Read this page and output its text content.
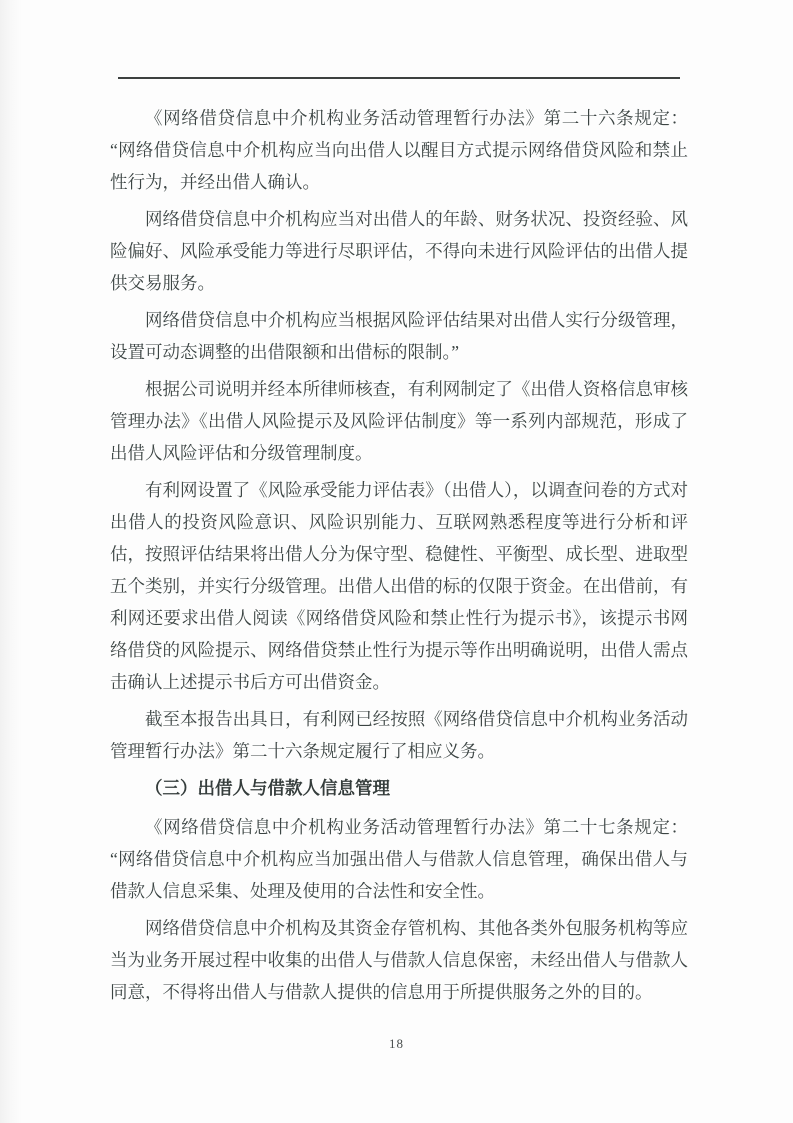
《网络借贷信息中介机构业务活动管理暂行办法》第二十六条规定：“网络借贷信息中介机构应当向出借人以醒目方式提示网络借贷风险和禁止性行为，并经出借人确认。

网络借贷信息中介机构应当对出借人的年龄、财务状况、投资经验、风险偏好、风险承受能力等进行尽职评估，不得向未进行风险评估的出借人提供交易服务。

网络借贷信息中介机构应当根据风险评估结果对出借人实行分级管理，设置可动态调整的出借限额和出借标的限制。”

根据公司说明并经本所律师核查，有利网制定了《出借人资格信息审核管理办法》《出借人风险提示及风险评估制度》等一系列内部规范，形成了出借人风险评估和分级管理制度。

有利网设置了《风险承受能力评估表》（出借人），以调查问卷的方式对出借人的投资风险意识、风险识别能力、互联网熟悉程度等进行分析和评估，按照评估结果将出借人分为保守型、稳健性、平衡型、成长型、进取型五个类别，并实行分级管理。出借人出借的标的仅限于资金。在出借前，有利网还要求出借人阅读《网络借贷风险和禁止性行为提示书》，该提示书网络借贷的风险提示、网络借贷禁止性行为提示等作出明确说明，出借人需点击确认上述提示书后方可出借资金。

截至本报告出具日，有利网已经按照《网络借贷信息中介机构业务活动管理暂行办法》第二十六条规定履行了相应义务。

（三）出借人与借款人信息管理

《网络借贷信息中介机构业务活动管理暂行办法》第二十七条规定：“网络借贷信息中介机构应当加强出借人与借款人信息管理，确保出借人与借款人信息采集、处理及使用的合法性和安全性。

网络借贷信息中介机构及其资金存管机构、其他各类外包服务机构等应当为业务开展过程中收集的出借人与借款人信息保密，未经出借人与借款人同意，不得将出借人与借款人提供的信息用于所提供服务之外的目的。

18
